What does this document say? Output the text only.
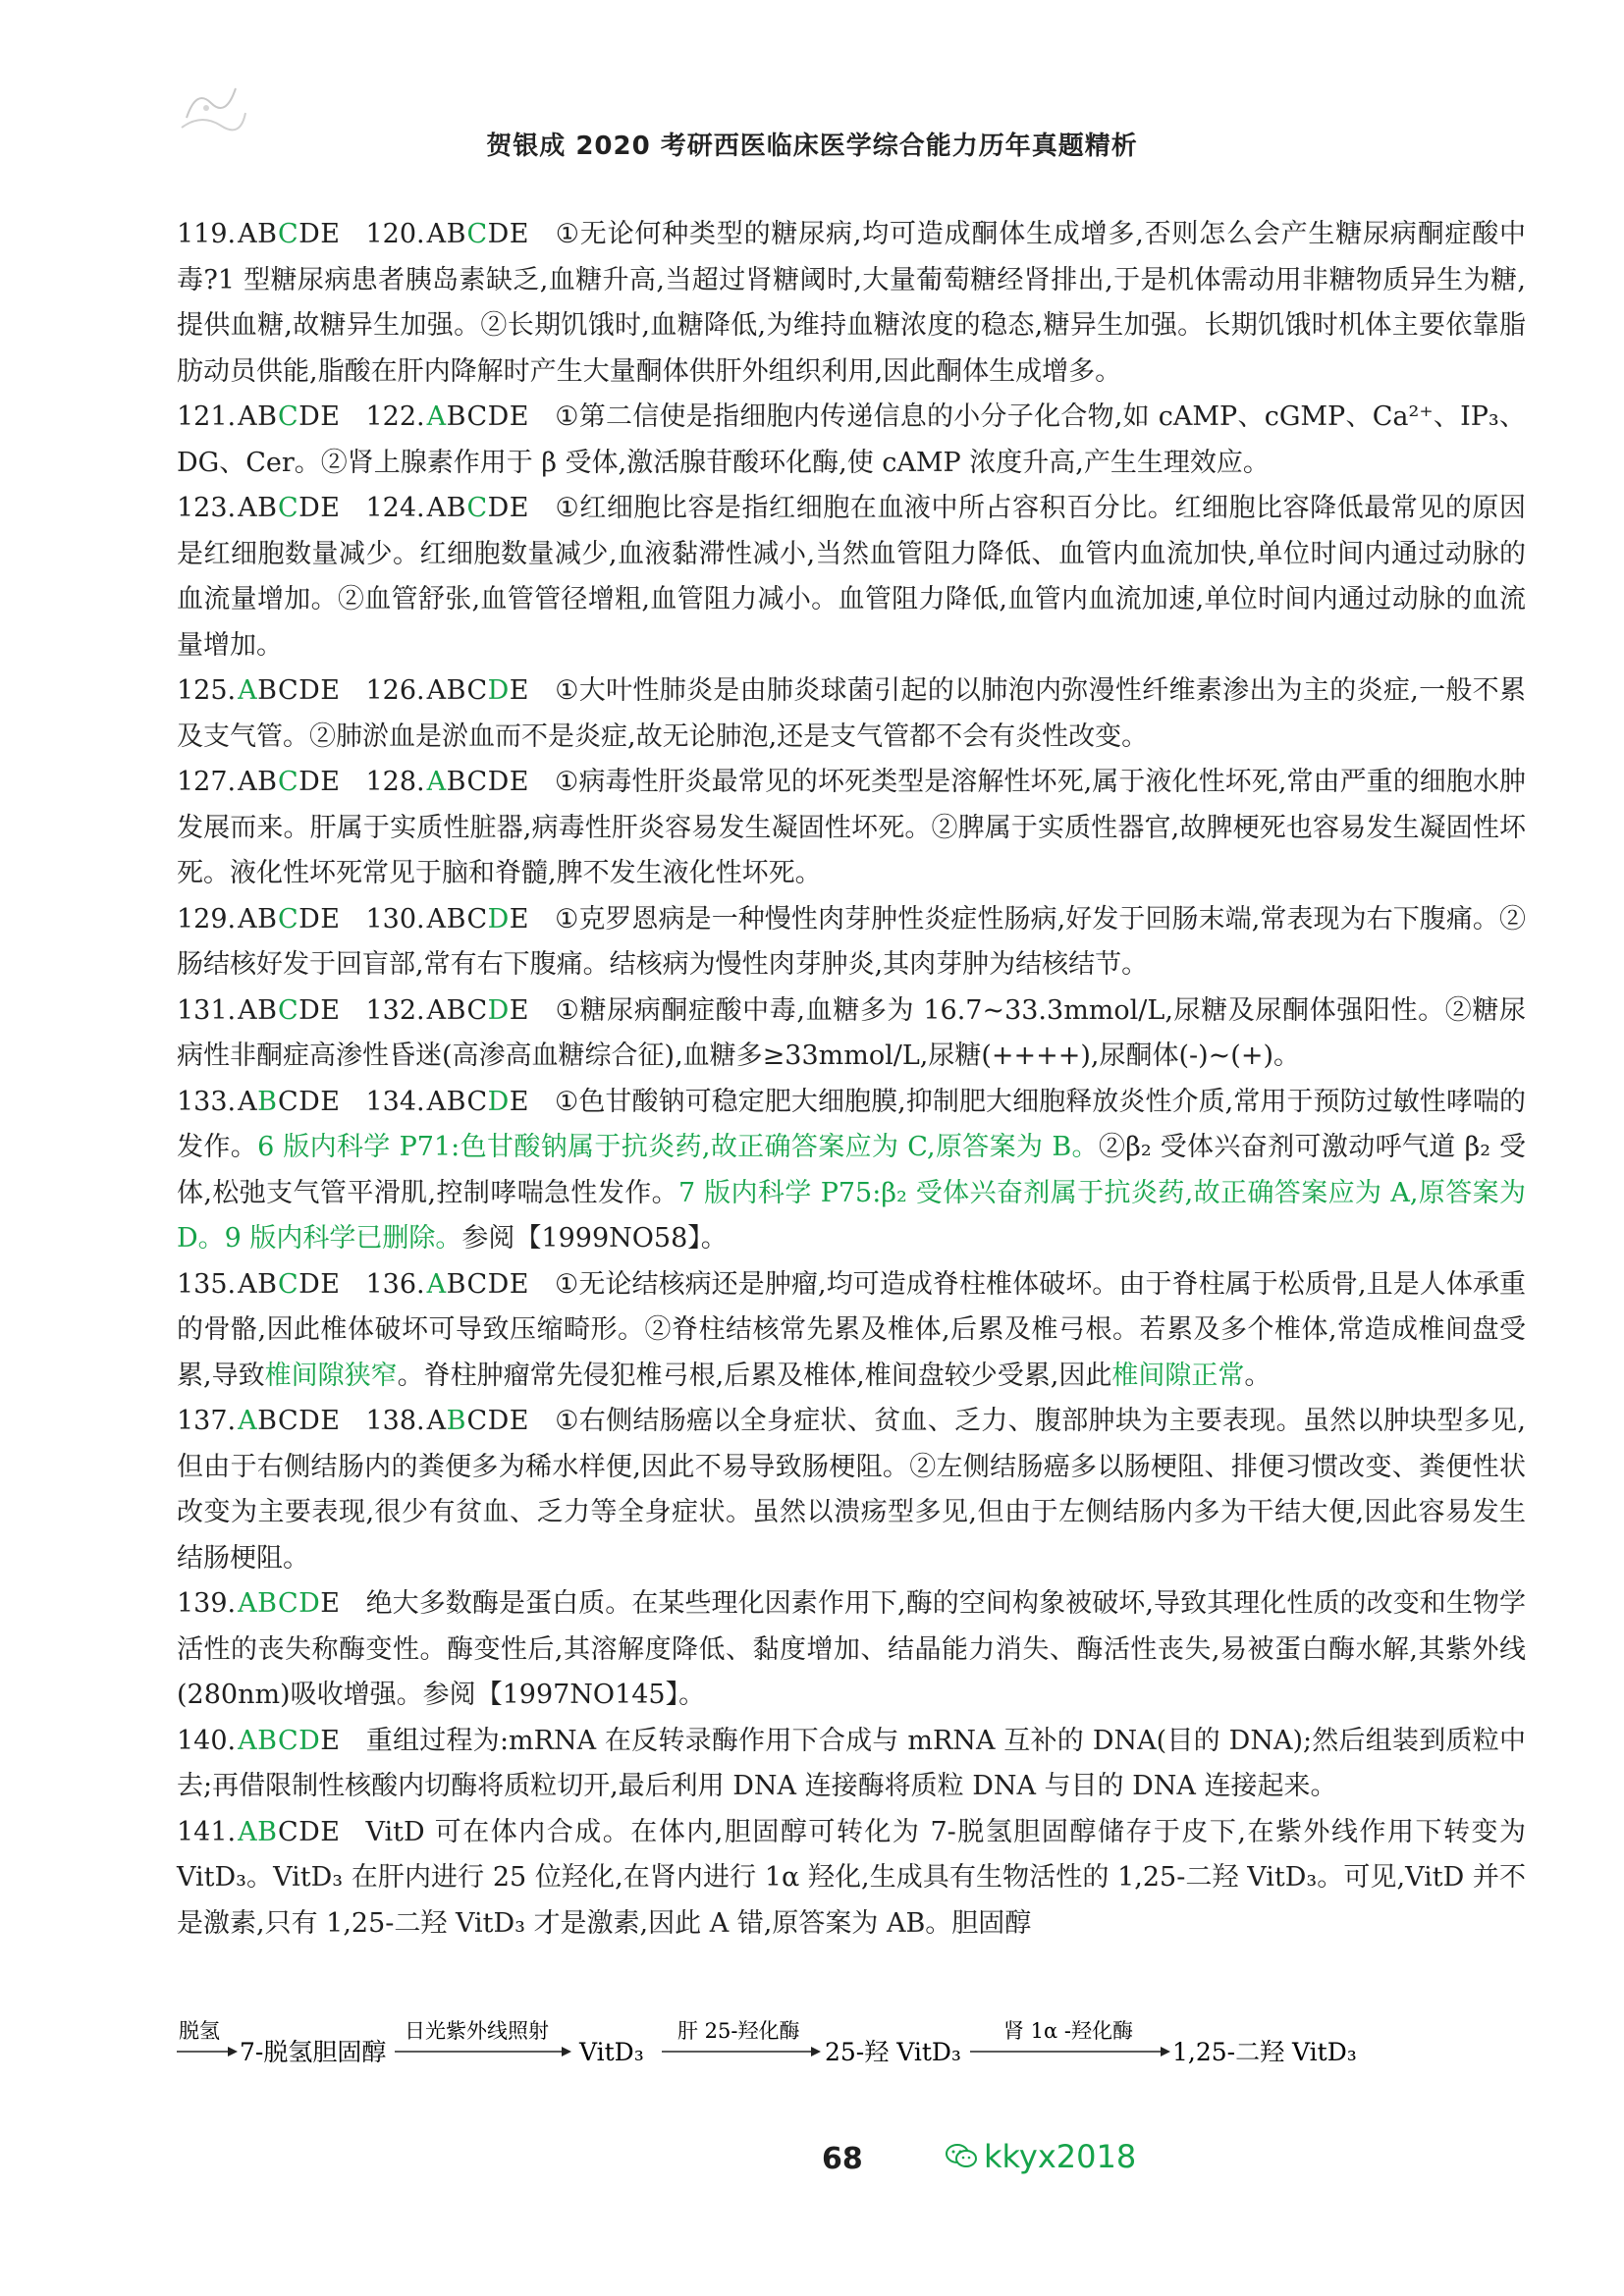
贺银成 2020 考研西医临床医学综合能力历年真题精析

119.ABCDE 120.ABCDE ①无论何种类型的糖尿病,均可造成酮体生成增多,否则怎么会产生糖尿病酮症酸中毒?1 型糖尿病患者胰岛素缺乏,血糖升高,当超过肾糖阈时,大量葡萄糖经肾排出,于是机体需动用非糖物质异生为糖,提供血糖,故糖异生加强。②长期饥饿时,血糖降低,为维持血糖浓度的稳态,糖异生加强。长期饥饿时机体主要依靠脂肪动员供能,脂酸在肝内降解时产生大量酮体供肝外组织利用,因此酮体生成增多。

121.ABCDE 122.ABCDE ①第二信使是指细胞内传递信息的小分子化合物,如 cAMP、cGMP、Ca²⁺、IP₃、DG、Cer。②肾上腺素作用于 β 受体,激活腺苷酸环化酶,使 cAMP 浓度升高,产生生理效应。

123.ABCDE 124.ABCDE ①红细胞比容是指红细胞在血液中所占容积百分比。红细胞比容降低最常见的原因是红细胞数量减少。红细胞数量减少,血液黏滞性减小,当然血管阻力降低、血管内血流加快,单位时间内通过动脉的血流量增加。②血管舒张,血管管径增粗,血管阻力减小。血管阻力降低,血管内血流加速,单位时间内通过动脉的血流量增加。

125.ABCDE 126.ABCDE ①大叶性肺炎是由肺炎球菌引起的以肺泡内弥漫性纤维素渗出为主的炎症,一般不累及支气管。②肺淤血是淤血而不是炎症,故无论肺泡,还是支气管都不会有炎性改变。

127.ABCDE 128.ABCDE ①病毒性肝炎最常见的坏死类型是溶解性坏死,属于液化性坏死,常由严重的细胞水肿发展而来。肝属于实质性脏器,病毒性肝炎容易发生凝固性坏死。②脾属于实质性器官,故脾梗死也容易发生凝固性坏死。液化性坏死常见于脑和脊髓,脾不发生液化性坏死。

129.ABCDE 130.ABCDE ①克罗恩病是一种慢性肉芽肿性炎症性肠病,好发于回肠末端,常表现为右下腹痛。②肠结核好发于回盲部,常有右下腹痛。结核病为慢性肉芽肿炎,其肉芽肿为结核结节。

131.ABCDE 132.ABCDE ①糖尿病酮症酸中毒,血糖多为 16.7~33.3mmol/L,尿糖及尿酮体强阳性。②糖尿病性非酮症高渗性昏迷(高渗高血糖综合征),血糖多≥33mmol/L,尿糖(++++),尿酮体(-)~(+)。

133.ABCDE 134.ABCDE ①色甘酸钠可稳定肥大细胞膜,抑制肥大细胞释放炎性介质,常用于预防过敏性哮喘的发作。6 版内科学 P71:色甘酸钠属于抗炎药,故正确答案应为 C,原答案为 B。②β₂ 受体兴奋剂可激动呼气道 β₂ 受体,松弛支气管平滑肌,控制哮喘急性发作。7 版内科学 P75:β₂ 受体兴奋剂属于抗炎药,故正确答案应为 A,原答案为 D。9 版内科学已删除。参阅【1999NO58】。

135.ABCDE 136.ABCDE ①无论结核病还是肿瘤,均可造成脊柱椎体破坏。由于脊柱属于松质骨,且是人体承重的骨骼,因此椎体破坏可导致压缩畸形。②脊柱结核常先累及椎体,后累及椎弓根。若累及多个椎体,常造成椎间盘受累,导致椎间隙狭窄。脊柱肿瘤常先侵犯椎弓根,后累及椎体,椎间盘较少受累,因此椎间隙正常。

137.ABCDE 138.ABCDE ①右侧结肠癌以全身症状、贫血、乏力、腹部肿块为主要表现。虽然以肿块型多见,但由于右侧结肠内的粪便多为稀水样便,因此不易导致肠梗阻。②左侧结肠癌多以肠梗阻、排便习惯改变、粪便性状改变为主要表现,很少有贫血、乏力等全身症状。虽然以溃疡型多见,但由于左侧结肠内多为干结大便,因此容易发生结肠梗阻。

139.ABCDE 绝大多数酶是蛋白质。在某些理化因素作用下,酶的空间构象被破坏,导致其理化性质的改变和生物学活性的丧失称酶变性。酶变性后,其溶解度降低、黏度增加、结晶能力消失、酶活性丧失,易被蛋白酶水解,其紫外线(280nm)吸收增强。参阅【1997NO145】。

140.ABCDE 重组过程为:mRNA 在反转录酶作用下合成与 mRNA 互补的 DNA(目的 DNA);然后组装到质粒中去;再借限制性核酸内切酶将质粒切开,最后利用 DNA 连接酶将质粒 DNA 与目的 DNA 连接起来。

141.ABCDE VitD 可在体内合成。在体内,胆固醇可转化为 7-脱氢胆固醇储存于皮下,在紫外线作用下转变为 VitD₃。VitD₃ 在肝内进行 25 位羟化,在肾内进行 1α 羟化,生成具有生物活性的 1,25-二羟 VitD₃。可见,VitD 并不是激素,只有 1,25-二羟 VitD₃ 才是激素,因此 A 错,原答案为 AB。胆固醇

脱氢
7-脱氢胆固醇
日光紫外线照射
VitD₃
肝 25-羟化酶
25-羟 VitD₃
肾 1α -羟化酶
1,25-二羟 VitD₃
68	kkyx2018
